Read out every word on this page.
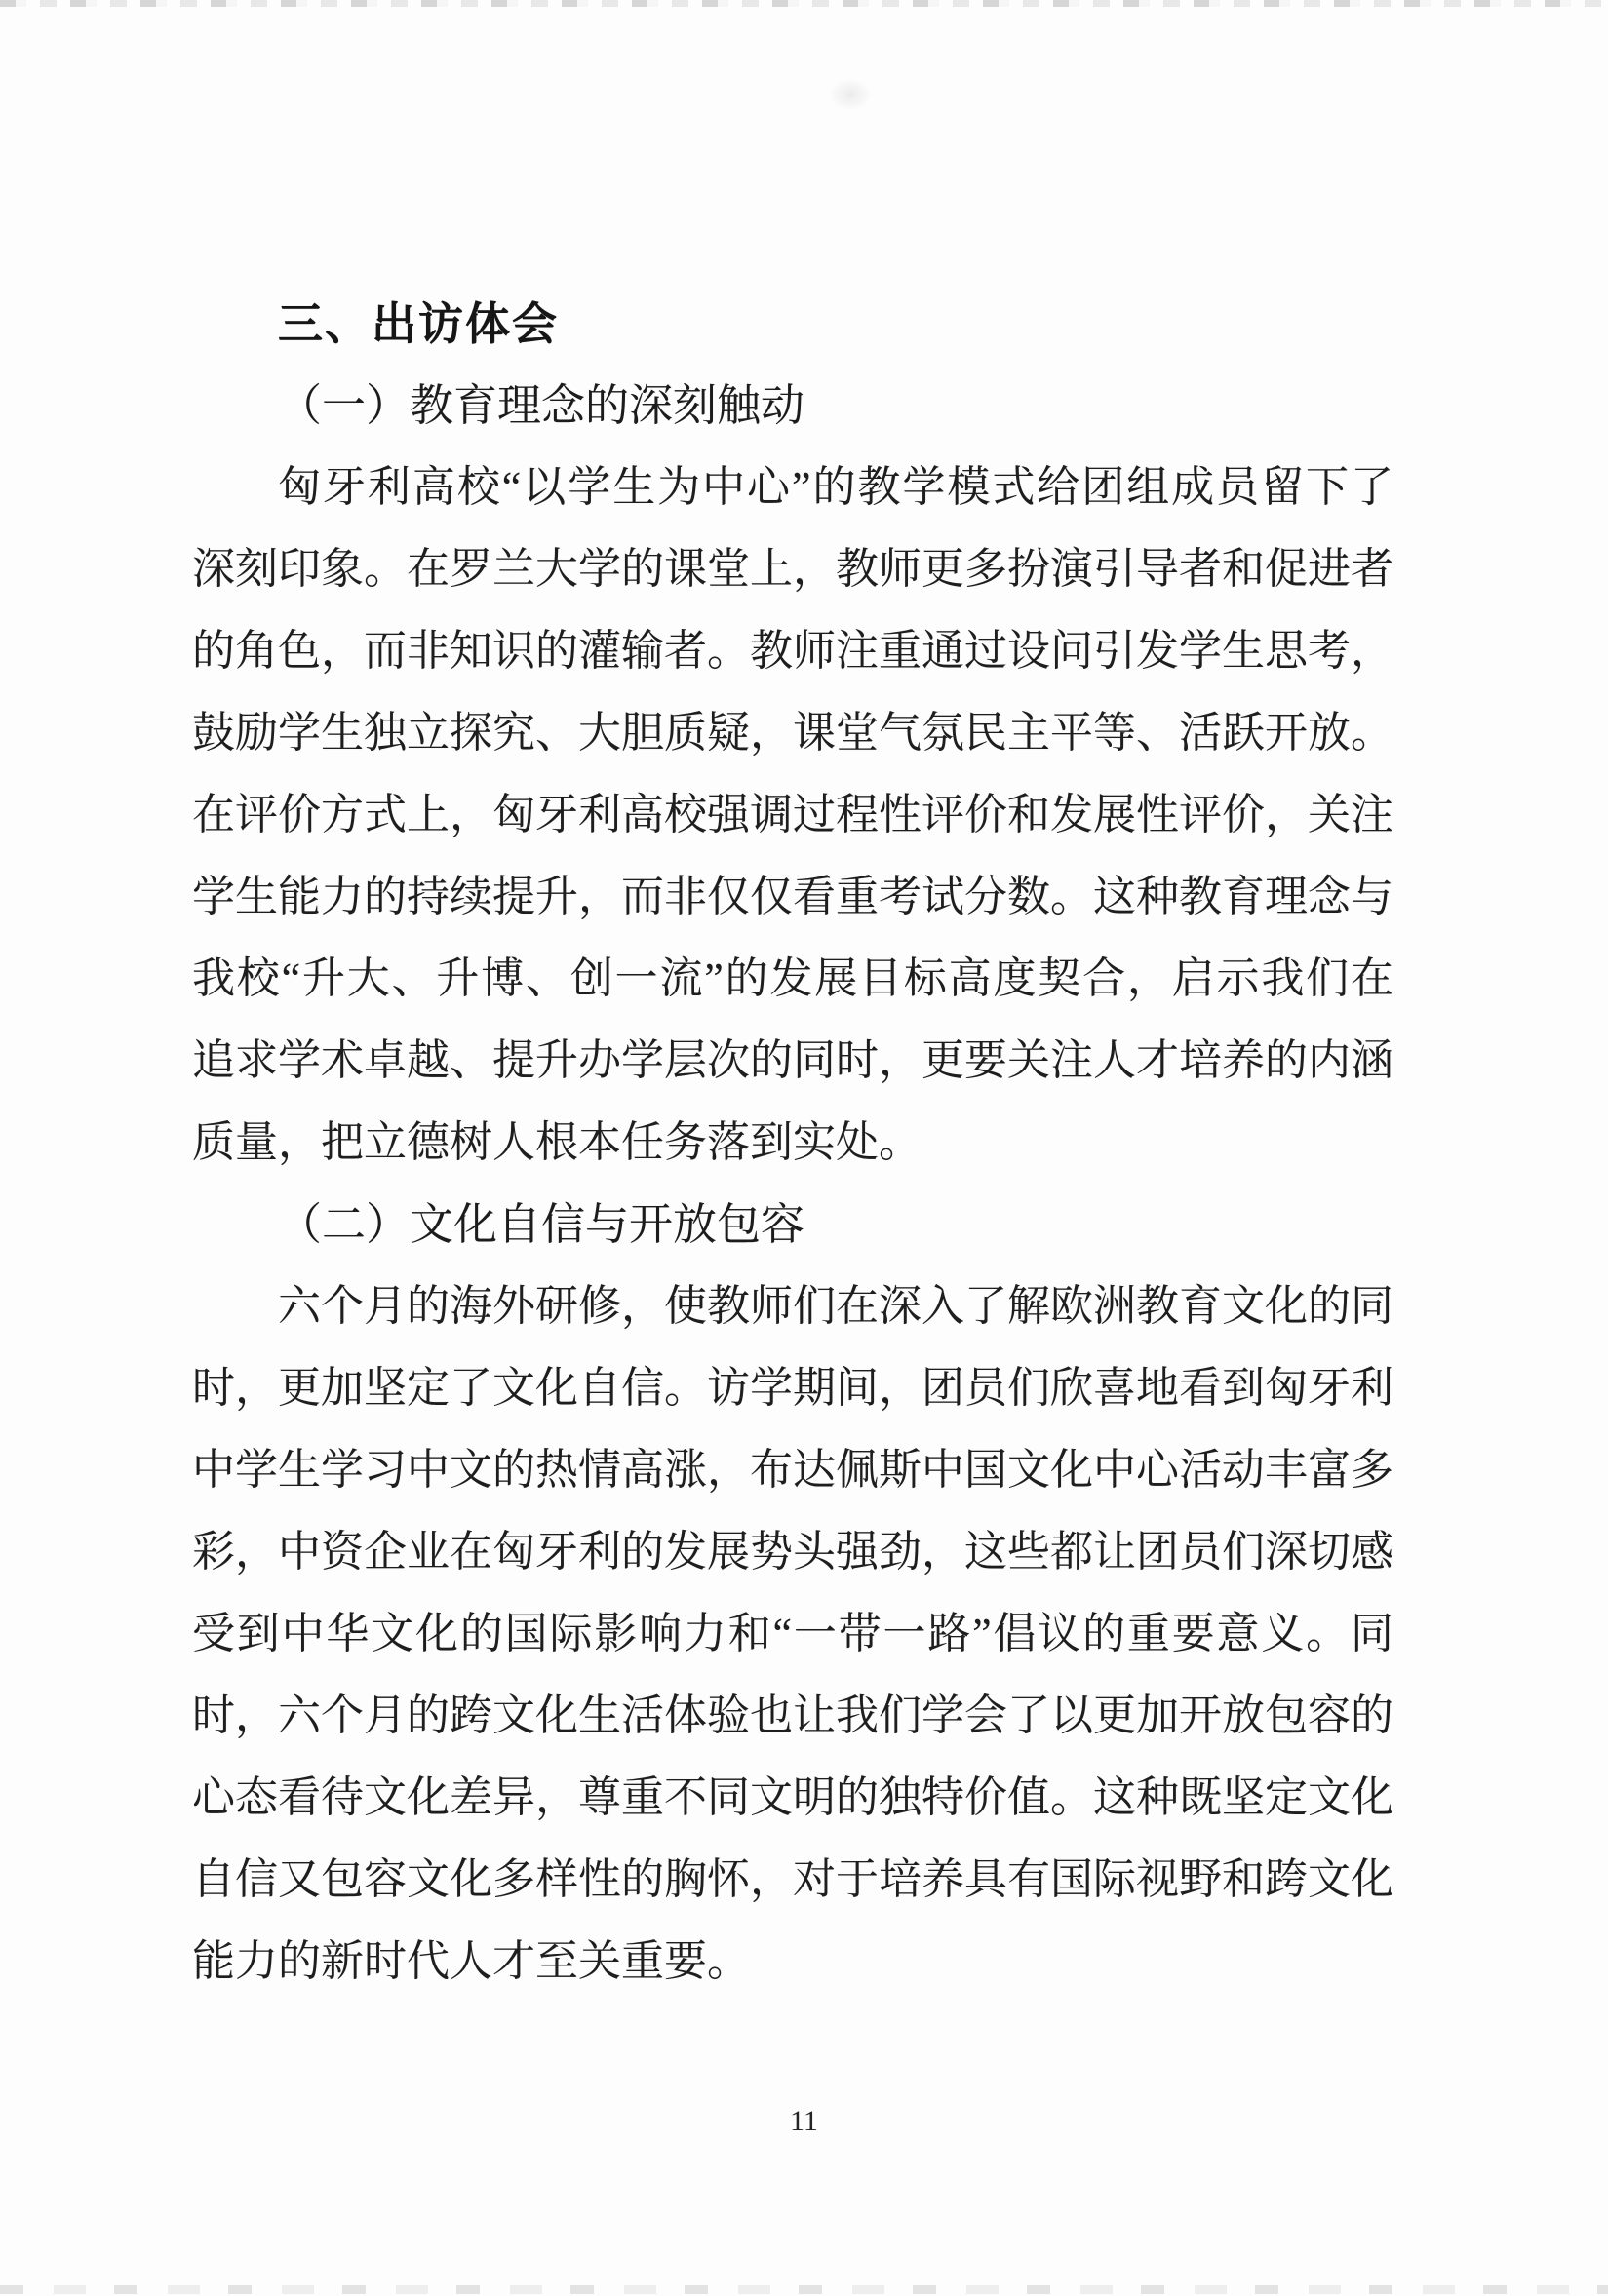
三、出访体会
（一）教育理念的深刻触动
匈牙利高校“以学生为中心”的教学模式给团组成员留下了
深刻印象。在罗兰大学的课堂上，教师更多扮演引导者和促进者
的角色，而非知识的灌输者。教师注重通过设问引发学生思考，
鼓励学生独立探究、大胆质疑，课堂气氛民主平等、活跃开放。
在评价方式上，匈牙利高校强调过程性评价和发展性评价，关注
学生能力的持续提升，而非仅仅看重考试分数。这种教育理念与
我校“升大、升博、创一流”的发展目标高度契合，启示我们在
追求学术卓越、提升办学层次的同时，更要关注人才培养的内涵
质量，把立德树人根本任务落到实处。
（二）文化自信与开放包容
六个月的海外研修，使教师们在深入了解欧洲教育文化的同
时，更加坚定了文化自信。访学期间，团员们欣喜地看到匈牙利
中学生学习中文的热情高涨，布达佩斯中国文化中心活动丰富多
彩，中资企业在匈牙利的发展势头强劲，这些都让团员们深切感
受到中华文化的国际影响力和“一带一路”倡议的重要意义。同
时，六个月的跨文化生活体验也让我们学会了以更加开放包容的
心态看待文化差异，尊重不同文明的独特价值。这种既坚定文化
自信又包容文化多样性的胸怀，对于培养具有国际视野和跨文化
能力的新时代人才至关重要。
11
